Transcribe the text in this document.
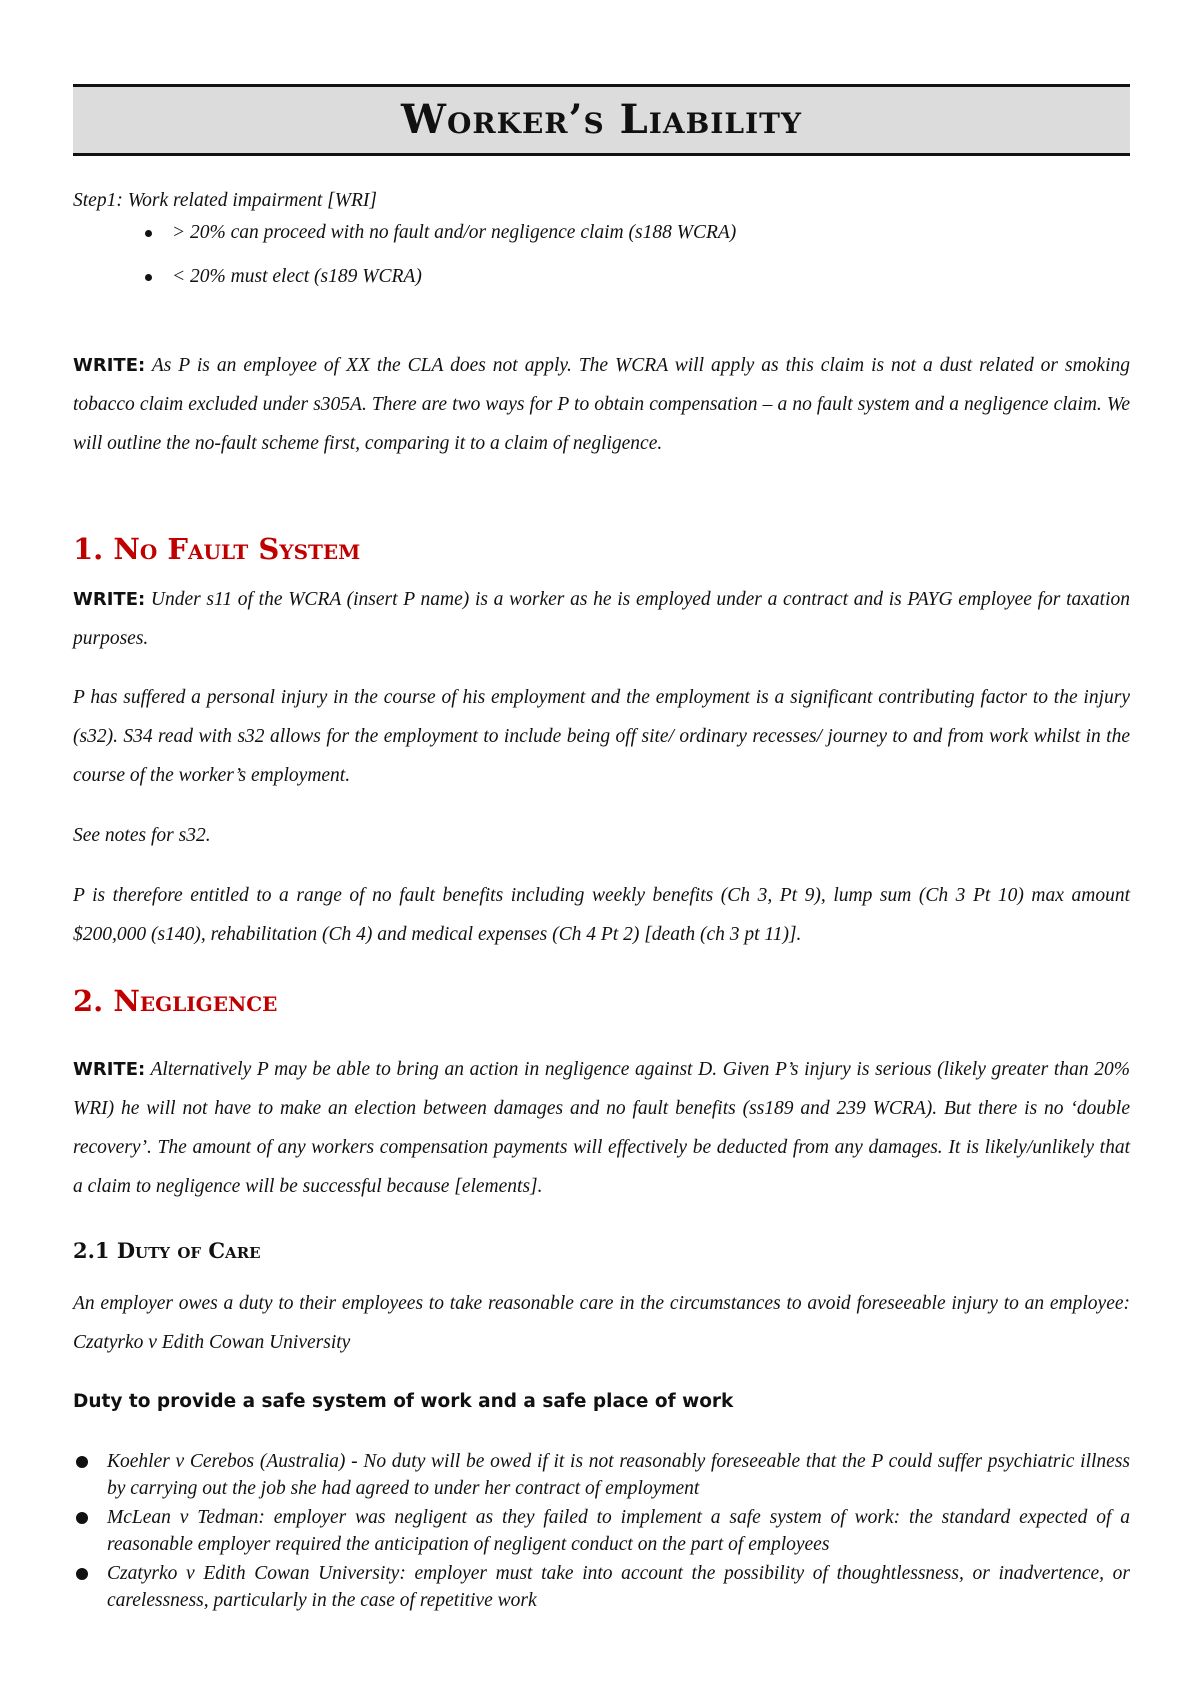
Worker’s Liability

Step1: Work related impairment [WRI]

> 20% can proceed with no fault and/or negligence claim (s188 WCRA)

< 20% must elect (s189 WCRA)

WRITE: As P is an employee of XX the CLA does not apply. The WCRA will apply as this claim is not a dust related or smoking tobacco claim excluded under s305A. There are two ways for P to obtain compensation – a no fault system and a negligence claim. We will outline the no-fault scheme first, comparing it to a claim of negligence.

1. No Fault System

WRITE: Under s11 of the WCRA (insert P name) is a worker as he is employed under a contract and is PAYG employee for taxation purposes.

P has suffered a personal injury in the course of his employment and the employment is a significant contributing factor to the injury (s32). S34 read with s32 allows for the employment to include being off site/ ordinary recesses/ journey to and from work whilst in the course of the worker’s employment.

See notes for s32.

P is therefore entitled to a range of no fault benefits including weekly benefits (Ch 3, Pt 9), lump sum (Ch 3 Pt 10) max amount $200,000 (s140), rehabilitation (Ch 4) and medical expenses (Ch 4 Pt 2) [death (ch 3 pt 11)].

2. Negligence

WRITE: Alternatively P may be able to bring an action in negligence against D. Given P’s injury is serious (likely greater than 20% WRI) he will not have to make an election between damages and no fault benefits (ss189 and 239 WCRA). But there is no ‘double recovery’. The amount of any workers compensation payments will effectively be deducted from any damages. It is likely/unlikely that a claim to negligence will be successful because [elements].

2.1 Duty of Care

An employer owes a duty to their employees to take reasonable care in the circumstances to avoid foreseeable injury to an employee: Czatyrko v Edith Cowan University

Duty to provide a safe system of work and a safe place of work

Koehler v Cerebos (Australia) - No duty will be owed if it is not reasonably foreseeable that the P could suffer psychiatric illness by carrying out the job she had agreed to under her contract of employment
McLean v Tedman: employer was negligent as they failed to implement a safe system of work: the standard expected of a reasonable employer required the anticipation of negligent conduct on the part of employees
Czatyrko v Edith Cowan University: employer must take into account the possibility of thoughtlessness, or inadvertence, or carelessness, particularly in the case of repetitive work
